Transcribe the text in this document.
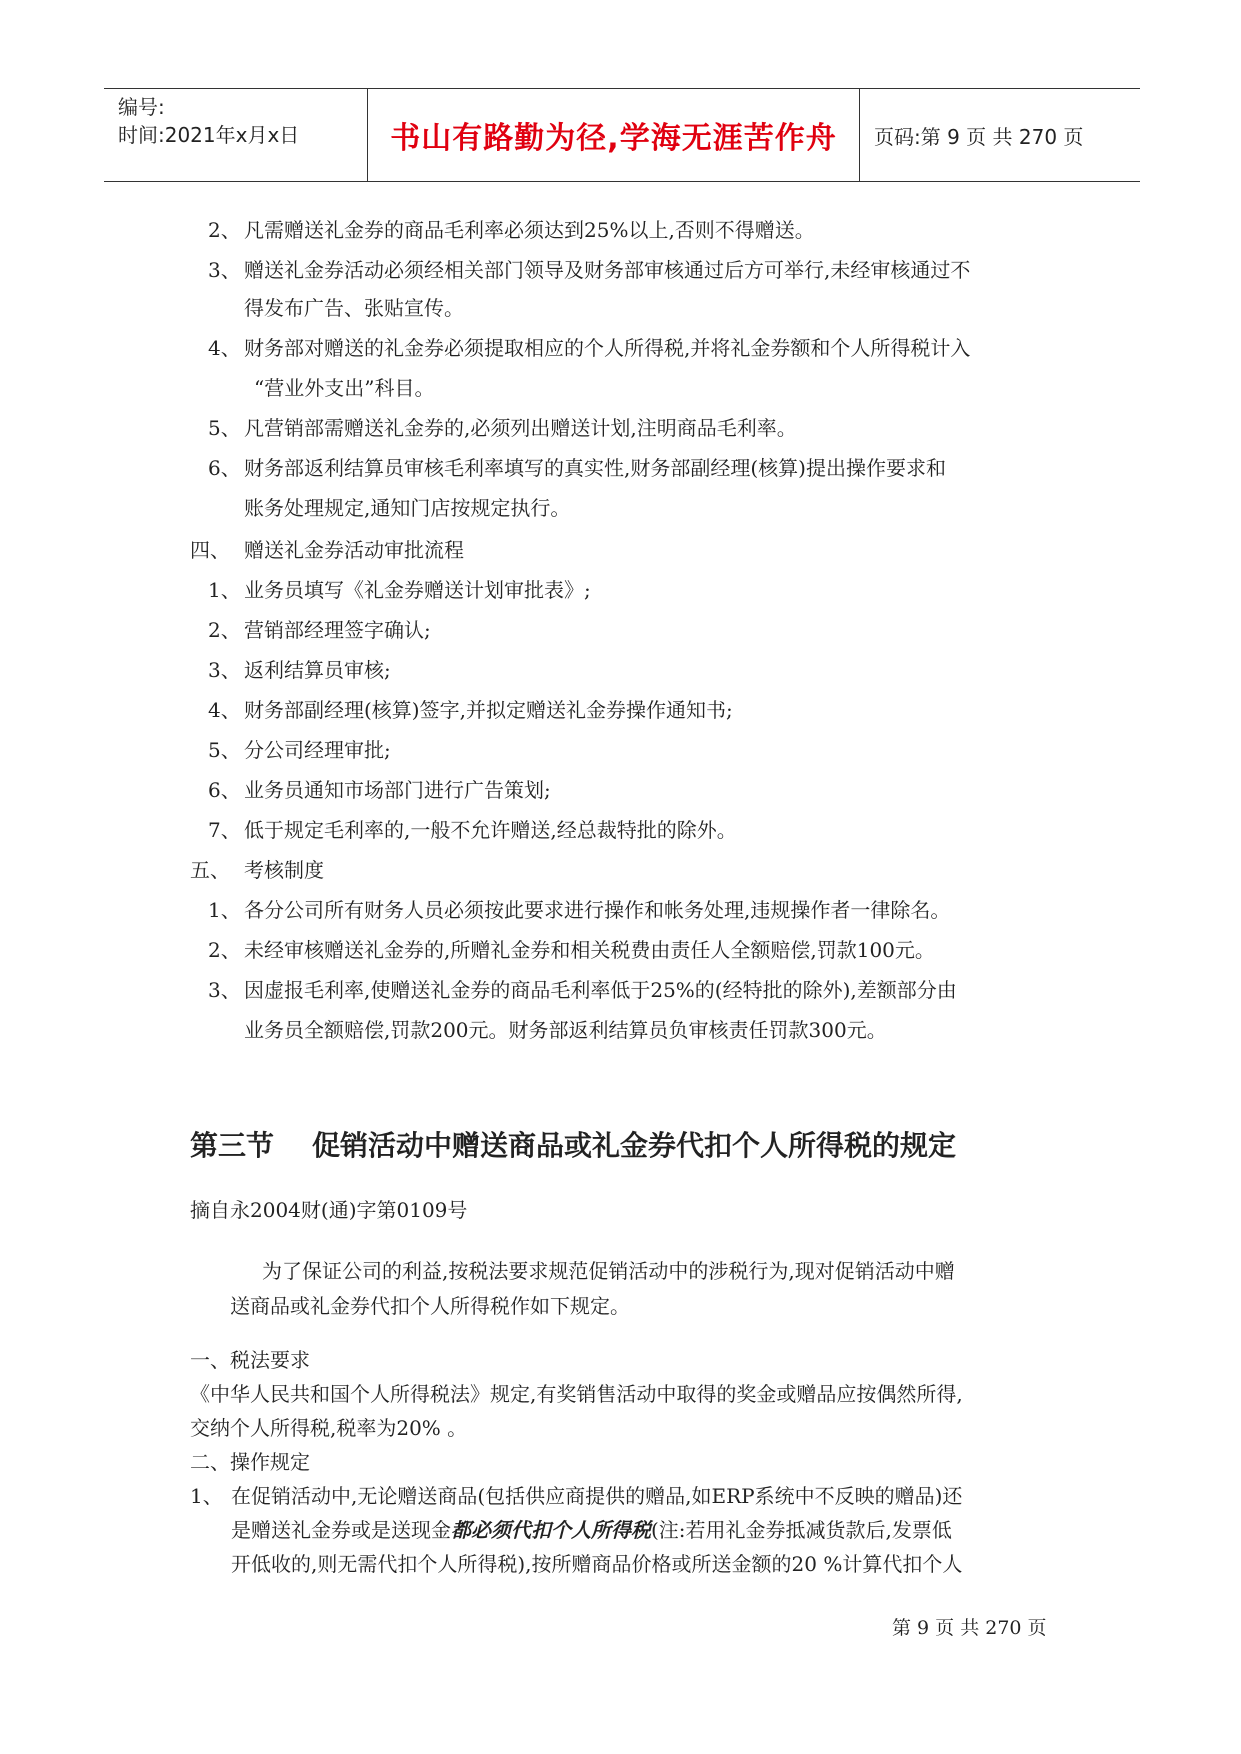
编号:
时间:2021年x月x日	书山有路勤为径,学海无涯苦作舟	页码:第 9 页 共 270 页
2、 凡需赠送礼金券的商品毛利率必须达到25%以上,否则不得赠送。
3、 赠送礼金券活动必须经相关部门领导及财务部审核通过后方可举行,未经审核通过不
得发布广告、张贴宣传。
4、 财务部对赠送的礼金券必须提取相应的个人所得税,并将礼金券额和个人所得税计入
“营业外支出”科目。
5、 凡营销部需赠送礼金券的,必须列出赠送计划,注明商品毛利率。
6、 财务部返利结算员审核毛利率填写的真实性,财务部副经理(核算)提出操作要求和
账务处理规定,通知门店按规定执行。
四、 赠送礼金券活动审批流程
1、 业务员填写《礼金券赠送计划审批表》;
2、 营销部经理签字确认;
3、 返利结算员审核;
4、 财务部副经理(核算)签字,并拟定赠送礼金券操作通知书;
5、 分公司经理审批;
6、 业务员通知市场部门进行广告策划;
7、 低于规定毛利率的,一般不允许赠送,经总裁特批的除外。
五、 考核制度
1、 各分公司所有财务人员必须按此要求进行操作和帐务处理,违规操作者一律除名。
2、 未经审核赠送礼金券的,所赠礼金券和相关税费由责任人全额赔偿,罚款100元。
3、 因虚报毛利率,使赠送礼金券的商品毛利率低于25%的(经特批的除外),差额部分由
业务员全额赔偿,罚款200元。财务部返利结算员负审核责任罚款300元。
第三节 促销活动中赠送商品或礼金券代扣个人所得税的规定
摘自永2004财(通)字第0109号
为了保证公司的利益,按税法要求规范促销活动中的涉税行为,现对促销活动中赠
送商品或礼金券代扣个人所得税作如下规定。
一、税法要求
《中华人民共和国个人所得税法》规定,有奖销售活动中取得的奖金或赠品应按偶然所得,
交纳个人所得税,税率为20% 。
二、操作规定
1、 在促销活动中,无论赠送商品(包括供应商提供的赠品,如ERP系统中不反映的赠品)还
是赠送礼金券或是送现金都必须代扣个人所得税(注:若用礼金券抵减货款后,发票低
开低收的,则无需代扣个人所得税),按所赠商品价格或所送金额的20 %计算代扣个人
第 9 页 共 270 页
